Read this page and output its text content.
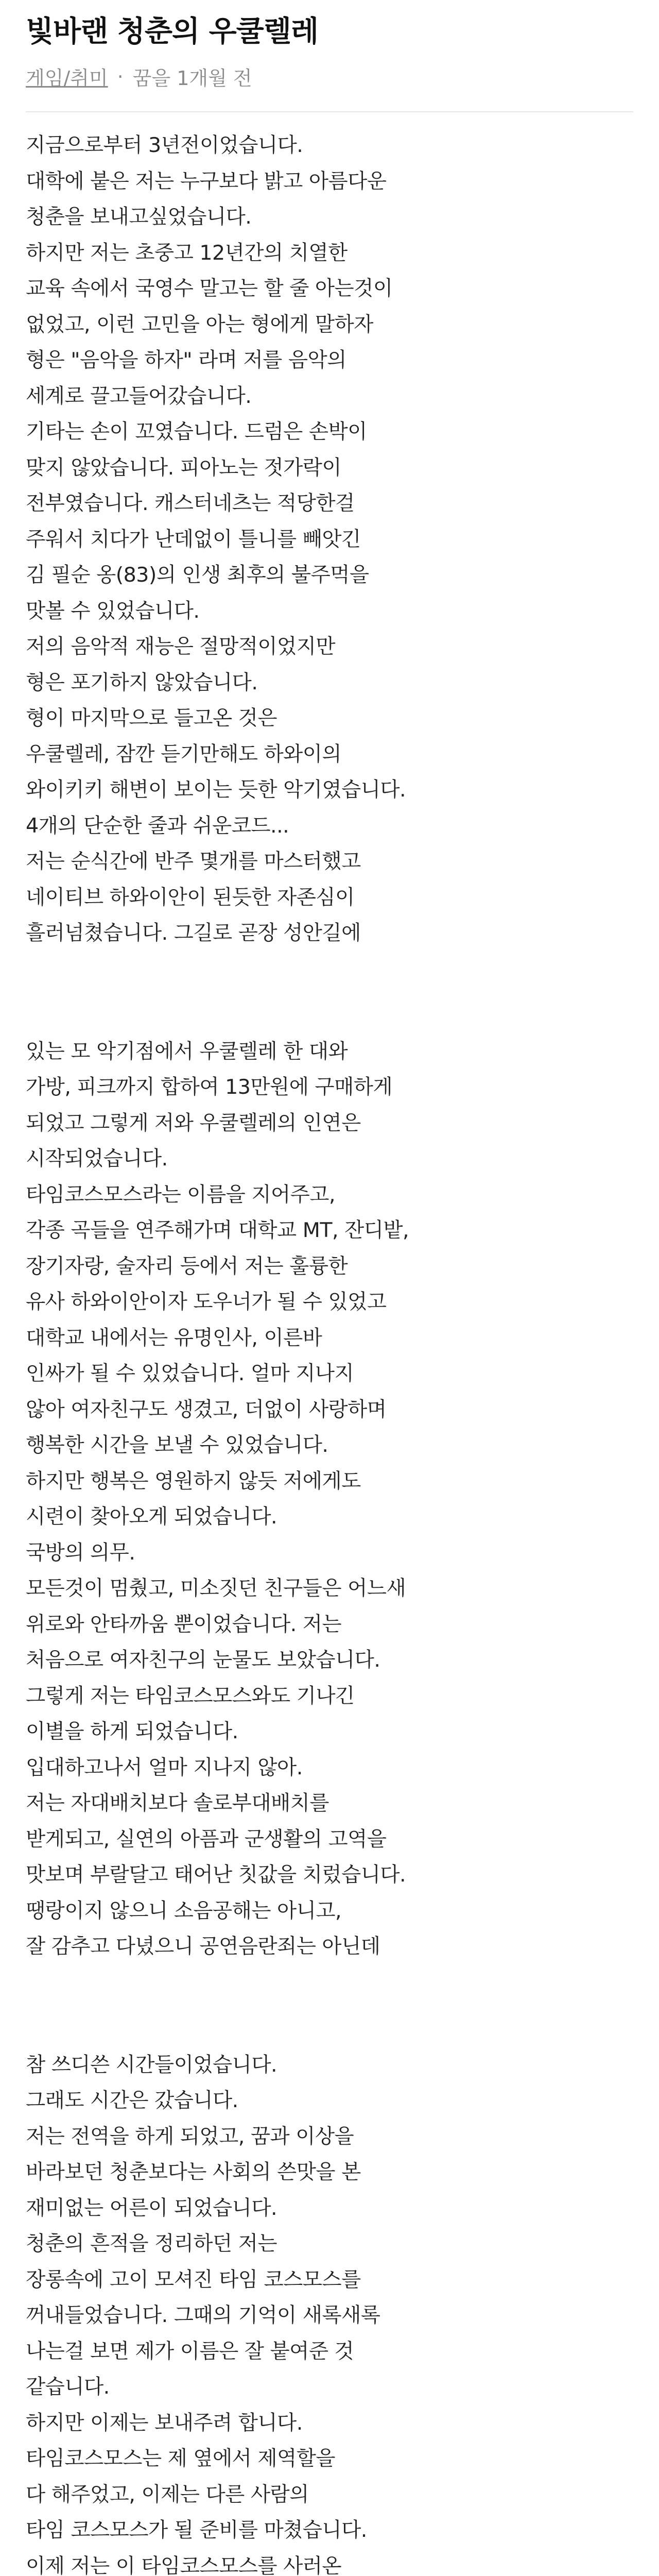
빛바랜 청춘의 우쿨렐레
게임/취미 · 꿈을 1개월 전
지금으로부터 3년전이었습니다.
대학에 붙은 저는 누구보다 밝고 아름다운
청춘을 보내고싶었습니다.
하지만 저는 초중고 12년간의 치열한
교육 속에서 국영수 말고는 할 줄 아는것이
없었고, 이런 고민을 아는 형에게 말하자
형은 "음악을 하자" 라며 저를 음악의
세계로 끌고들어갔습니다.
기타는 손이 꼬였습니다. 드럼은 손박이
맞지 않았습니다. 피아노는 젓가락이
전부였습니다. 캐스터네츠는 적당한걸
주워서 치다가 난데없이 틀니를 빼앗긴
김 필순 옹(83)의 인생 최후의 불주먹을
맛볼 수 있었습니다.
저의 음악적 재능은 절망적이었지만
형은 포기하지 않았습니다.
형이 마지막으로 들고온 것은
우쿨렐레, 잠깐 듣기만해도 하와이의
와이키키 해변이 보이는 듯한 악기였습니다.
4개의 단순한 줄과 쉬운코드...
저는 순식간에 반주 몇개를 마스터했고
네이티브 하와이안이 된듯한 자존심이
흘러넘쳤습니다. 그길로 곧장 성안길에
있는 모 악기점에서 우쿨렐레 한 대와
가방, 피크까지 합하여 13만원에 구매하게
되었고 그렇게 저와 우쿨렐레의 인연은
시작되었습니다.
타임코스모스라는 이름을 지어주고,
각종 곡들을 연주해가며 대학교 MT, 잔디밭,
장기자랑, 술자리 등에서 저는 훌륭한
유사 하와이안이자 도우너가 될 수 있었고
대학교 내에서는 유명인사, 이른바
인싸가 될 수 있었습니다. 얼마 지나지
않아 여자친구도 생겼고, 더없이 사랑하며
행복한 시간을 보낼 수 있었습니다.
하지만 행복은 영원하지 않듯 저에게도
시련이 찾아오게 되었습니다.
국방의 의무.
모든것이 멈췄고, 미소짓던 친구들은 어느새
위로와 안타까움 뿐이었습니다. 저는
처음으로 여자친구의 눈물도 보았습니다.
그렇게 저는 타임코스모스와도 기나긴
이별을 하게 되었습니다.
입대하고나서 얼마 지나지 않아.
저는 자대배치보다 솔로부대배치를
받게되고, 실연의 아픔과 군생활의 고역을
맛보며 부랄달고 태어난 칫값을 치렀습니다.
땡랑이지 않으니 소음공해는 아니고,
잘 감추고 다녔으니 공연음란죄는 아닌데
참 쓰디쓴 시간들이었습니다.
그래도 시간은 갔습니다.
저는 전역을 하게 되었고, 꿈과 이상을
바라보던 청춘보다는 사회의 쓴맛을 본
재미없는 어른이 되었습니다.
청춘의 흔적을 정리하던 저는
장롱속에 고이 모셔진 타임 코스모스를
꺼내들었습니다. 그때의 기억이 새록새록
나는걸 보면 제가 이름은 잘 붙여준 것
같습니다.
하지만 이제는 보내주려 합니다.
타임코스모스는 제 옆에서 제역할을
다 해주었고, 이제는 다른 사람의
타임 코스모스가 될 준비를 마쳤습니다.
이제 저는 이 타임코스모스를 사러온
